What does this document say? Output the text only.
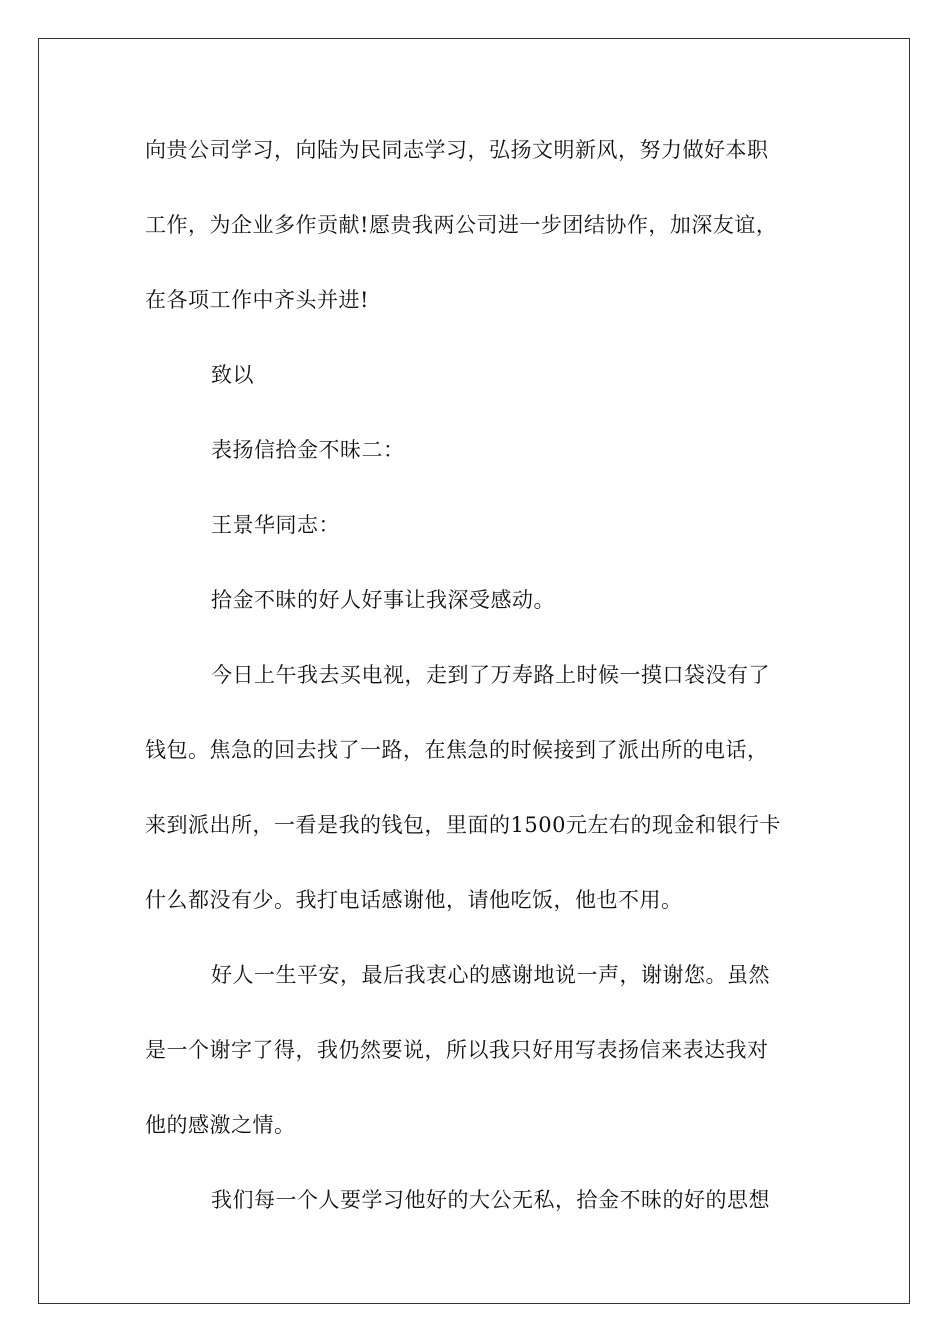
向贵公司学习，向陆为民同志学习，弘扬文明新风，努力做好本职
工作，为企业多作贡献!愿贵我两公司进一步团结协作，加深友谊，
在各项工作中齐头并进!
致以
表扬信拾金不昧二：
王景华同志：
拾金不昧的好人好事让我深受感动。
今日上午我去买电视，走到了万寿路上时候一摸口袋没有了
钱包。焦急的回去找了一路，在焦急的时候接到了派出所的电话，
来到派出所，一看是我的钱包，里面的1500元左右的现金和银行卡
什么都没有少。我打电话感谢他，请他吃饭，他也不用。
好人一生平安，最后我衷心的感谢地说一声，谢谢您。虽然
是一个谢字了得，我仍然要说，所以我只好用写表扬信来表达我对
他的感激之情。
我们每一个人要学习他好的大公无私，拾金不昧的好的思想
